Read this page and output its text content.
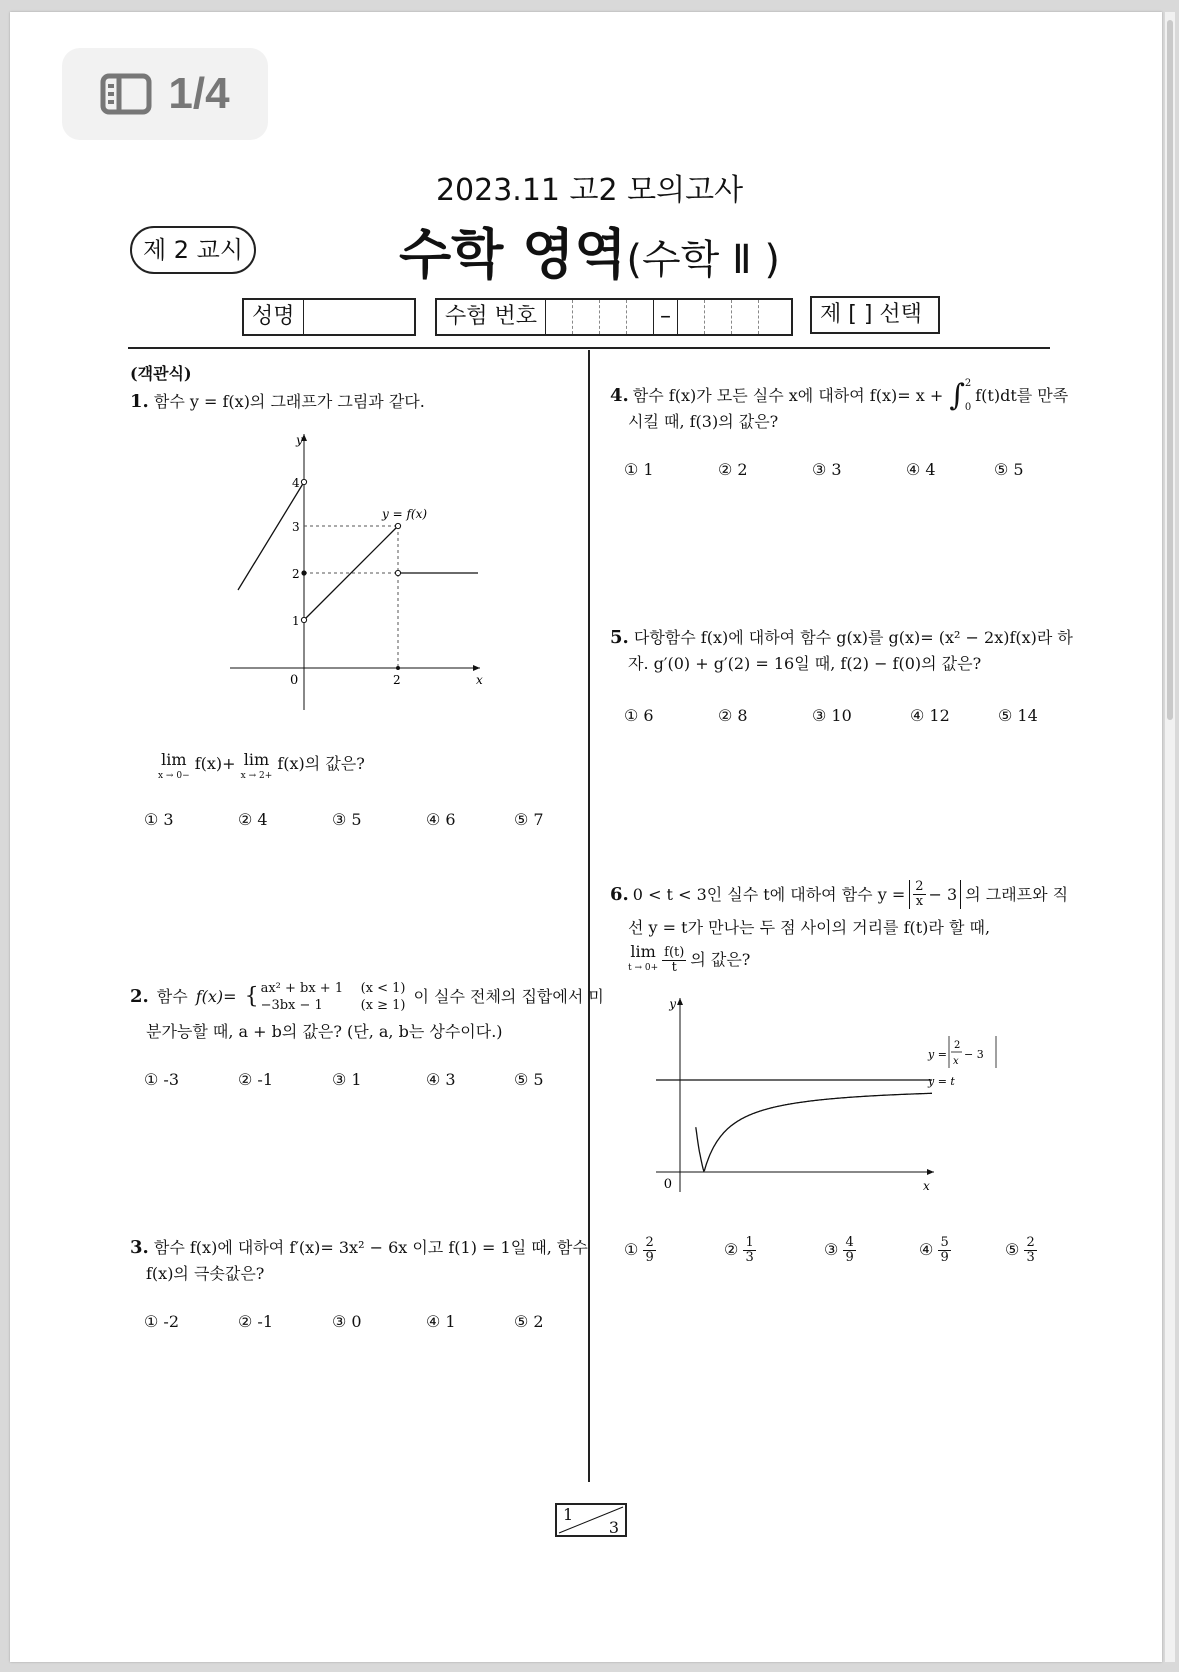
1/4
2023.11 고2 모의고사
수학 영역(수학 Ⅱ )
제 2 교시
성명	수험 번호	–	제 [ ] 선택
(객관식)
1. 함수 y = f(x)의 그래프가 그림과 같다.
y
x
0
4
3
2
1
2
y = f(x)
lim
x → 0−
f(x)+ lim
x → 2+
f(x)의 값은?
① 3	② 4	③ 5	④ 6	⑤ 7
2. 함수 f(x)= { ax² + bx + 1 (x < 1)
−3bx − 1	(x ≥ 1) 이 실수 전체의 집합에서 미
분가능할 때, a + b의 값은? (단, a, b는 상수이다.)
① -3	② -1	③ 1	④ 3	⑤ 5
3. 함수 f(x)에 대하여 f′(x)= 3x² − 6x 이고 f(1) = 1일 때, 함수
f(x)의 극솟값은?
① -2	② -1	③ 0	④ 1	⑤ 2
4. 함수 f(x)가 모든 실수 x에 대하여 f(x)= x + ∫ 2
0
f(t)dt를 만족
시킬 때, f(3)의 값은?
① 1	② 2	③ 3	④ 4	⑤ 5
5. 다항함수 f(x)에 대하여 함수 g(x)를 g(x)= (x² − 2x)f(x)라 하
자. g′(0) + g′(2) = 16일 때, f(2) − f(0)의 값은?
① 6	② 8	③ 10	④ 12	⑤ 14
6. 0 < t < 3인 실수 t에 대하여 함수 $y = \frac{2}{x} - 3$ 의 그래프와 직
선 y = t가 만나는 두 점 사이의 거리를 f(t)라 할 때,
lim
$t \to 0+ \frac{f(t)}{t}$ 의 값은?
y
x
0
y =
2
x
− 3
y = t
① $\frac{2}{9}$	② $\frac{1}{3}$	③ $\frac{4}{9}$	④ $\frac{5}{9}$	⑤ $\frac{2}{3}$
1
3
